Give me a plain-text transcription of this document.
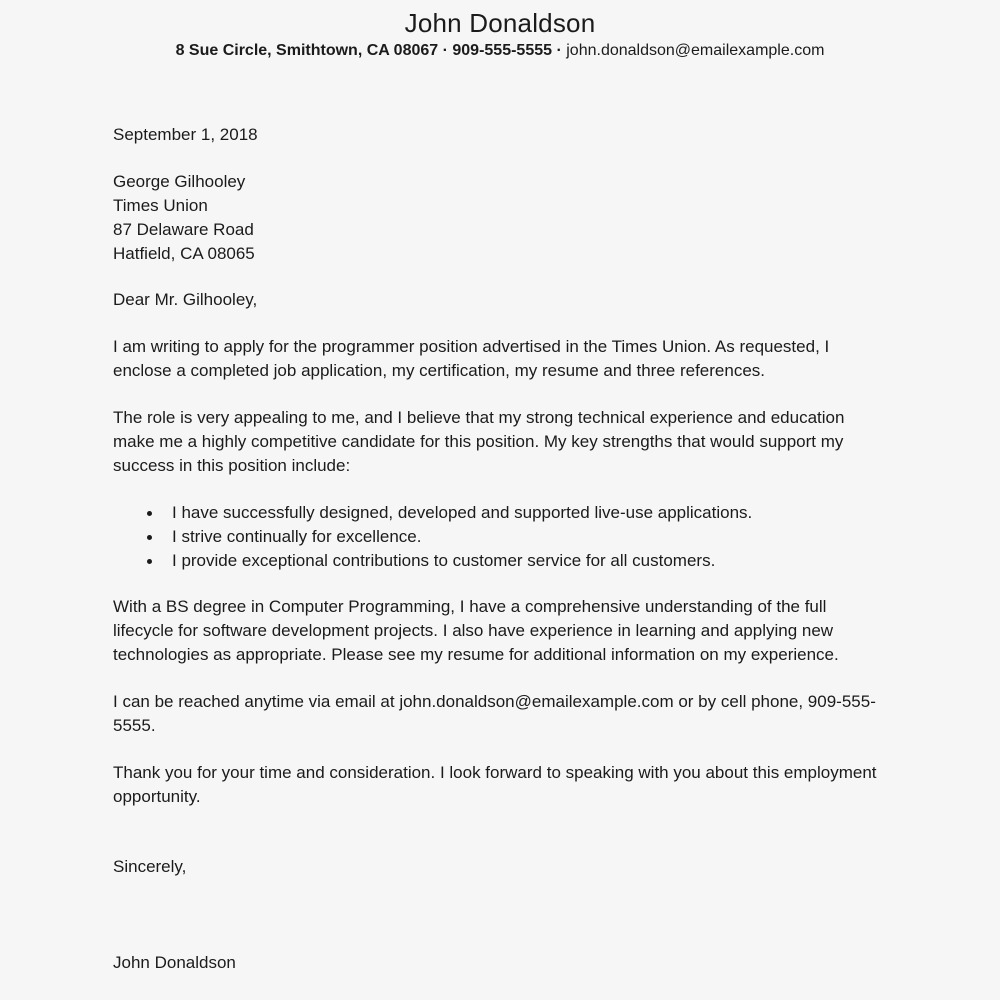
John Donaldson
8 Sue Circle, Smithtown, CA 08067 · 909-555-5555 · john.donaldson@emailexample.com
September 1, 2018
George Gilhooley
Times Union
87 Delaware Road
Hatfield, CA 08065
Dear Mr. Gilhooley,

I am writing to apply for the programmer position advertised in the Times Union. As requested, I enclose a completed job application, my certification, my resume and three references.

The role is very appealing to me, and I believe that my strong technical experience and education make me a highly competitive candidate for this position. My key strengths that would support my success in this position include:

I have successfully designed, developed and supported live-use applications.
I strive continually for excellence.
I provide exceptional contributions to customer service for all customers.

With a BS degree in Computer Programming, I have a comprehensive understanding of the full lifecycle for software development projects. I also have experience in learning and applying new technologies as appropriate. Please see my resume for additional information on my experience.

I can be reached anytime via email at john.donaldson@emailexample.com or by cell phone, 909-555-5555.

Thank you for your time and consideration. I look forward to speaking with you about this employment opportunity.

Sincerely,
John Donaldson
